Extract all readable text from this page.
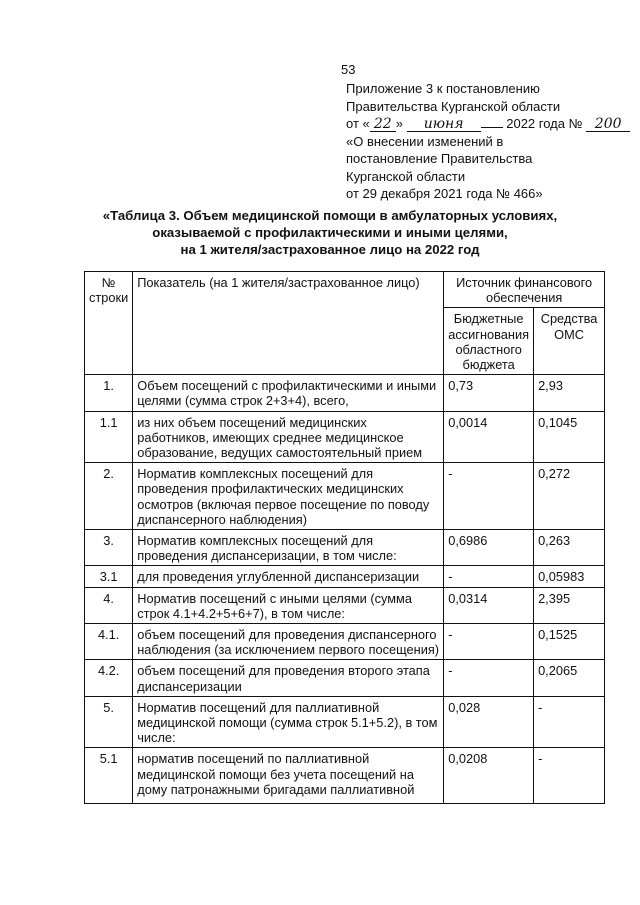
53
Приложение 3 к постановлению
Правительства Курганской области
от « 22 » июня	2022 года № 200
«О внесении изменений в
постановление Правительства
Курганской области
от 29 декабря 2021 года № 466»
«Таблица 3. Объем медицинской помощи в амбулаторных условиях,
оказываемой с профилактическими и иными целями,
на 1 жителя/застрахованное лицо на 2022 год
№ строки	Показатель (на 1 жителя/застрахованное лицо)	Источник финансового обеспечения	
		Бюджетные ассигнования областного бюджета	Средства ОМС
1.	Объем посещений с профилактическими и иными целями (сумма строк 2+3+4), всего,	0,73	2,93
1.1	из них объем посещений медицинских работников, имеющих среднее медицинское образование, ведущих самостоятельный прием	0,0014	0,1045
2.	Норматив комплексных посещений для проведения профилактических медицинских осмотров (включая первое посещение по поводу диспансерного наблюдения)	-	0,272
3.	Норматив комплексных посещений для проведения диспансеризации, в том числе:	0,6986	0,263
3.1	для проведения углубленной диспансеризации	-	0,05983
4.	Норматив посещений с иными целями (сумма строк 4.1+4.2+5+6+7), в том числе:	0,0314	2,395
4.1.	объем посещений для проведения диспансерного наблюдения (за исключением первого посещения)	-	0,1525
4.2.	объем посещений для проведения второго этапа диспансеризации	-	0,2065
5.	Норматив посещений для паллиативной медицинской помощи (сумма строк 5.1+5.2), в том числе:	0,028	-
5.1	норматив посещений по паллиативной медицинской помощи без учета посещений на дому патронажными бригадами паллиативной	0,0208	-
